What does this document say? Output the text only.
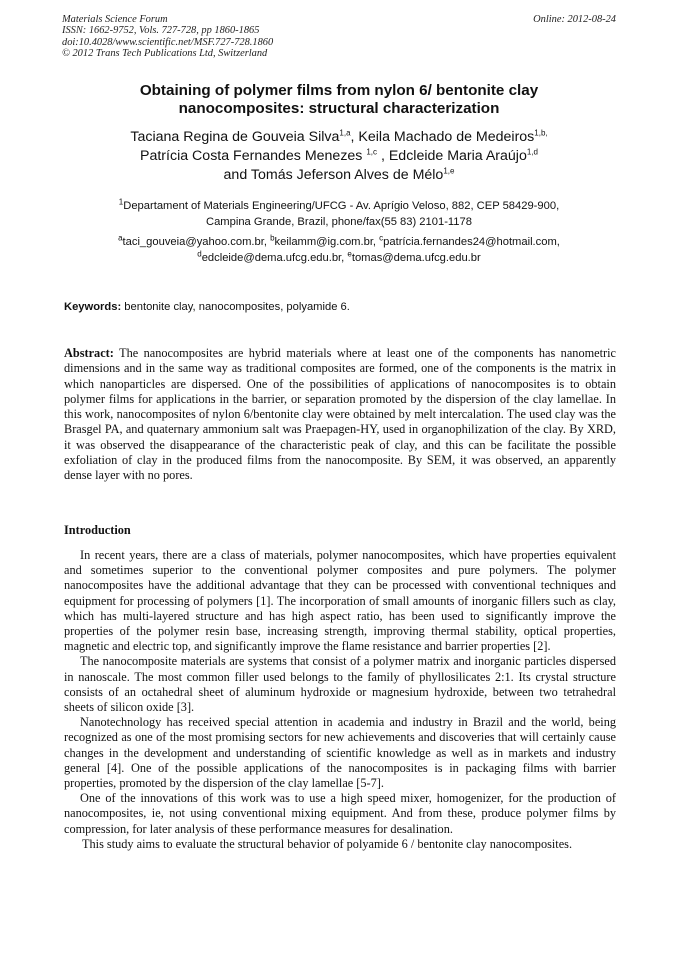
Materials Science Forum
ISSN: 1662-9752, Vols. 727-728, pp 1860-1865
doi:10.4028/www.scientific.net/MSF.727-728.1860
© 2012 Trans Tech Publications Ltd, Switzerland
Online: 2012-08-24
Obtaining of polymer films from nylon 6/ bentonite clay
nanocomposites: structural characterization
Taciana Regina de Gouveia Silva$^{1,a}$, Keila Machado de Medeiros$^{1,b,}$
Patrícia Costa Fernandes Menezes $^{1,c}$ , Edcleide Maria Araújo$^{1,d}$
and Tomás Jeferson Alves de Mélo$^{1,e}$
$^1$Departament of Materials Engineering/UFCG - Av. Aprígio Veloso, 882, CEP 58429-900,
Campina Grande, Brazil, phone/fax(55 83) 2101-1178
$^a$taci_gouveia@yahoo.com.br, $^b$keilamm@ig.com.br, $^c$patrícia.fernandes24@hotmail.com,
$^d$edcleide@dema.ufcg.edu.br, $^e$tomas@dema.ufcg.edu.br
Keywords: bentonite clay, nanocomposites, polyamide 6.
Abstract: The nanocomposites are hybrid materials where at least one of the components has nanometric dimensions and in the same way as traditional composites are formed, one of the components is the matrix in which nanoparticles are dispersed. One of the possibilities of applications of nanocomposites is to obtain polymer films for applications in the barrier, or separation promoted by the dispersion of the clay lamellae. In this work, nanocomposites of nylon 6/bentonite clay were obtained by melt intercalation. The used clay was the Brasgel PA, and quaternary ammonium salt was Praepagen-HY, used in organophilization of the clay. By XRD, it was observed the disappearance of the characteristic peak of clay, and this can be facilitate the possible exfoliation of clay in the produced films from the nanocomposite. By SEM, it was observed, an apparently dense layer with no pores.
Introduction

In recent years, there are a class of materials, polymer nanocomposites, which have properties equivalent and sometimes superior to the conventional polymer composites and pure polymers. The polymer nanocomposites have the additional advantage that they can be processed with conventional techniques and equipment for processing of polymers [1]. The incorporation of small amounts of inorganic fillers such as clay, which has multi-layered structure and has high aspect ratio, has been used to significantly improve the properties of the polymer resin base, increasing strength, improving thermal stability, optical properties, magnetic and electric top, and significantly improve the flame resistance and barrier properties [2].

The nanocomposite materials are systems that consist of a polymer matrix and inorganic particles dispersed in nanoscale. The most common filler used belongs to the family of phyllosilicates 2:1. Its crystal structure consists of an octahedral sheet of aluminum hydroxide or magnesium hydroxide, between two tetrahedral sheets of silicon oxide [3].

Nanotechnology has received special attention in academia and industry in Brazil and the world, being recognized as one of the most promising sectors for new achievements and discoveries that will certainly cause changes in the development and understanding of scientific knowledge as well as in markets and industry general [4]. One of the possible applications of the nanocomposites is in packaging films with barrier properties, promoted by the dispersion of the clay lamellae [5-7].

One of the innovations of this work was to use a high speed mixer, homogenizer, for the production of nanocomposites, ie, not using conventional mixing equipment. And from these, produce polymer films by compression, for later analysis of these performance measures for desalination.

This study aims to evaluate the structural behavior of polyamide 6 / bentonite clay nanocomposites.
